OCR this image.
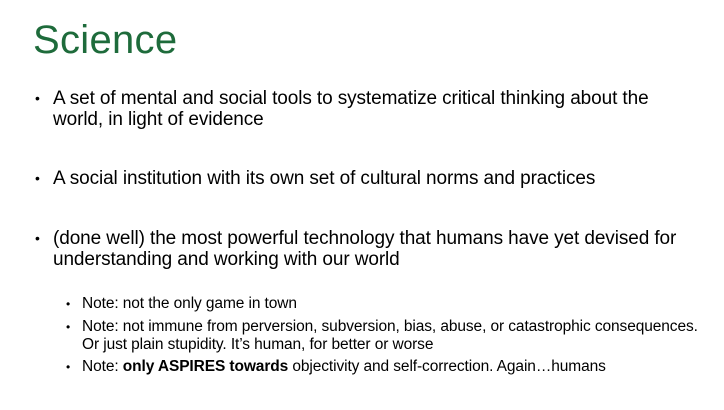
Science
• A set of mental and social tools to systematize critical thinking about the world, in light of evidence
• A social institution with its own set of cultural norms and practices
• (done well) the most powerful technology that humans have yet devised for understanding and working with our world
• Note: not the only game in town
• Note: not immune from perversion, subversion, bias, abuse, or catastrophic consequences. Or just plain stupidity. It’s human, for better or worse
• Note: only ASPIRES towards objectivity and self-correction. Again…humans
